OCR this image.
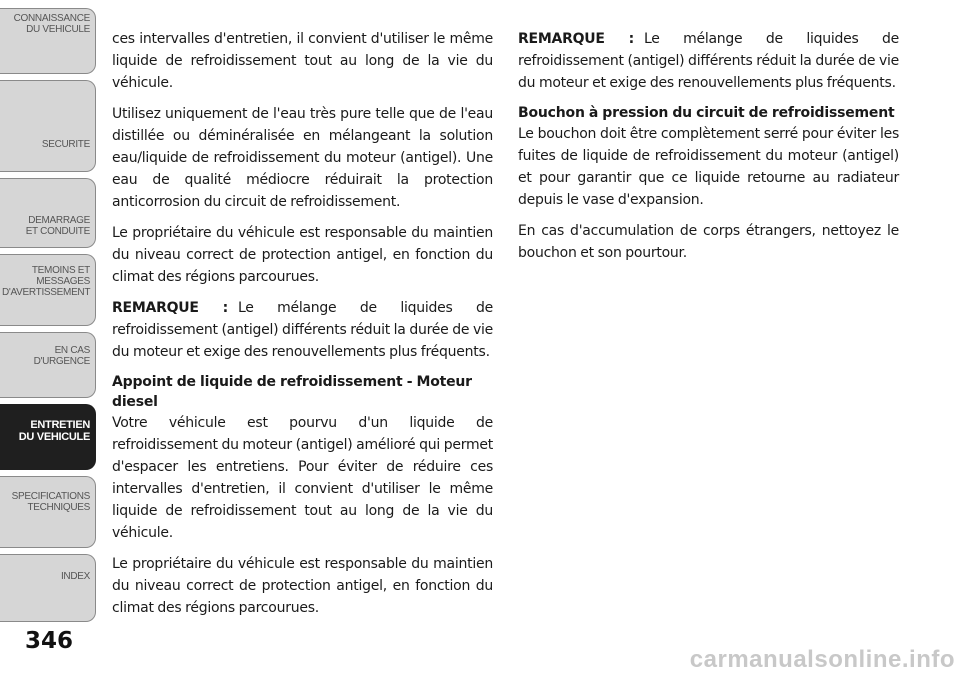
CONNAISSANCE
DU VEHICULE
SECURITE
DEMARRAGE
ET CONDUITE
TEMOINS ET
MESSAGES
D'AVERTISSEMENT
EN CAS
D'URGENCE
ENTRETIEN
DU VEHICULE
SPECIFICATIONS
TECHNIQUES
INDEX
346

ces intervalles d'entretien, il convient d'utiliser le même liquide de refroidissement tout au long de la vie du véhicule.

Utilisez uniquement de l'eau très pure telle que de l'eau distillée ou déminéralisée en mélangeant la solution eau/liquide de refroidissement du moteur (antigel). Une eau de qualité médiocre réduirait la protection anticorrosion du circuit de refroidissement.

Le propriétaire du véhicule est responsable du maintien du niveau correct de protection antigel, en fonction du climat des régions parcourues.

REMARQUE : Le mélange de liquides de refroidissement (antigel) différents réduit la durée de vie du moteur et exige des renouvellements plus fréquents.

Appoint de liquide de refroidissement - Moteur diesel

Votre véhicule est pourvu d'un liquide de refroidissement du moteur (antigel) amélioré qui permet d'espacer les entretiens. Pour éviter de réduire ces intervalles d'entretien, il convient d'utiliser le même liquide de refroidissement tout au long de la vie du véhicule.

Le propriétaire du véhicule est responsable du maintien du niveau correct de protection antigel, en fonction du climat des régions parcourues.

REMARQUE : Le mélange de liquides de refroidissement (antigel) différents réduit la durée de vie du moteur et exige des renouvellements plus fréquents.

Bouchon à pression du circuit de refroidissement

Le bouchon doit être complètement serré pour éviter les fuites de liquide de refroidissement du moteur (antigel) et pour garantir que ce liquide retourne au radiateur depuis le vase d'expansion.

En cas d'accumulation de corps étrangers, nettoyez le bouchon et son pourtour.

carmanualsonline.info
